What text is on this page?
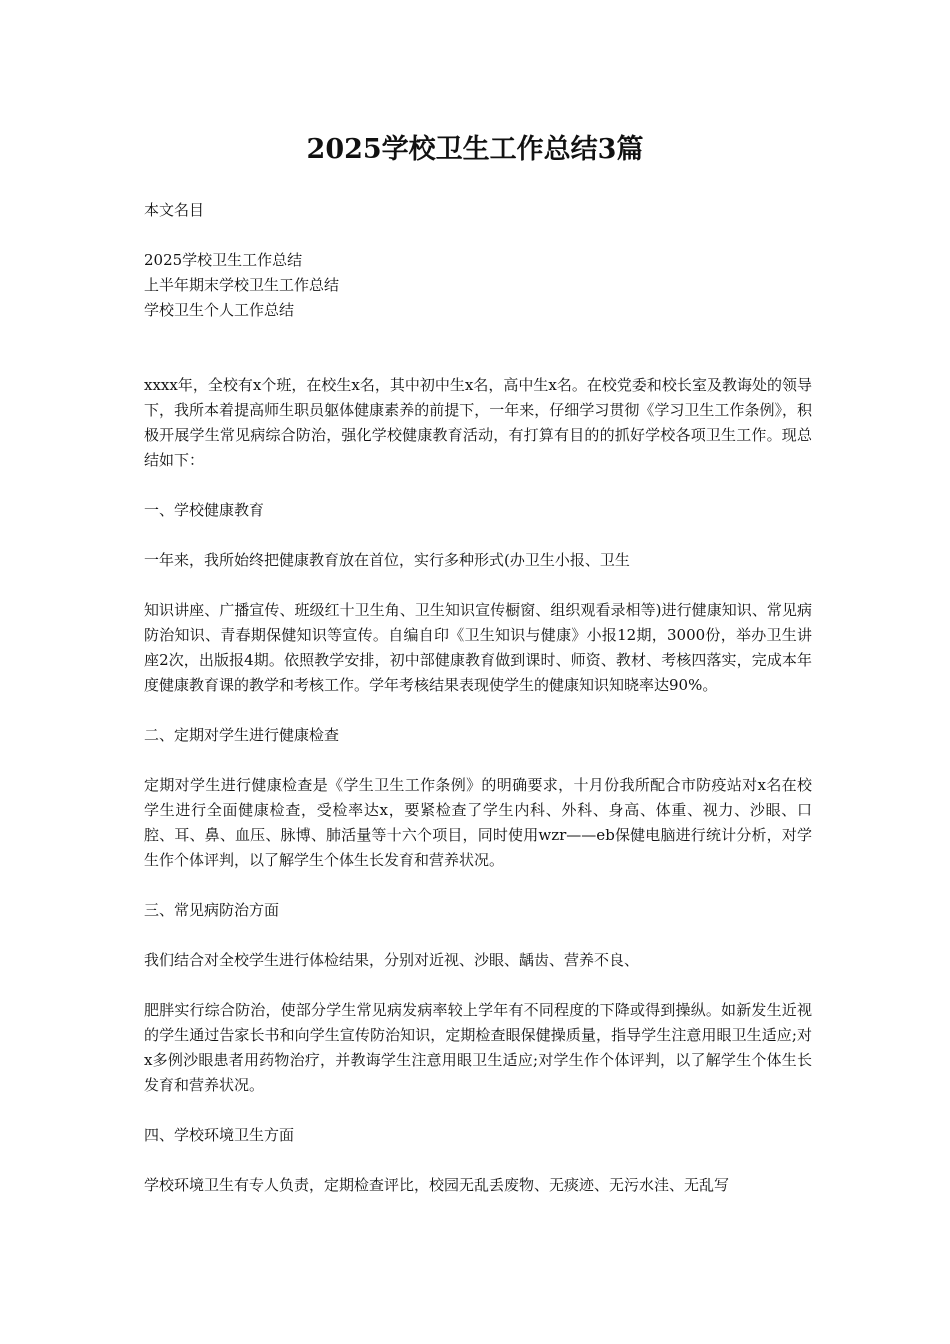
2025学校卫生工作总结3篇

本文名目

2025学校卫生工作总结

上半年期末学校卫生工作总结

学校卫生个人工作总结

xxxx年，全校有x个班，在校生x名，其中初中生x名，高中生x名。在校党委和校长室及教诲处的领导下，我所本着提高师生职员躯体健康素养的前提下，一年来，仔细学习贯彻《学习卫生工作条例》，积极开展学生常见病综合防治，强化学校健康教育活动，有打算有目的的抓好学校各项卫生工作。现总结如下：

一、学校健康教育

一年来，我所始终把健康教育放在首位，实行多种形式(办卫生小报、卫生

知识讲座、广播宣传、班级红十卫生角、卫生知识宣传橱窗、组织观看录相等)进行健康知识、常见病防治知识、青春期保健知识等宣传。自编自印《卫生知识与健康》小报12期，3000份，举办卫生讲座2次，出版报4期。依照教学安排，初中部健康教育做到课时、师资、教材、考核四落实，完成本年度健康教育课的教学和考核工作。学年考核结果表现使学生的健康知识知晓率达90%。

二、定期对学生进行健康检查

定期对学生进行健康检查是《学生卫生工作条例》的明确要求，十月份我所配合市防疫站对x名在校学生进行全面健康检查，受检率达x，要紧检查了学生内科、外科、身高、体重、视力、沙眼、口腔、耳、鼻、血压、脉博、肺活量等十六个项目，同时使用wzr——eb保健电脑进行统计分析，对学生作个体评判，以了解学生个体生长发育和营养状况。

三、常见病防治方面

我们结合对全校学生进行体检结果，分别对近视、沙眼、龋齿、营养不良、

肥胖实行综合防治，使部分学生常见病发病率较上学年有不同程度的下降或得到操纵。如新发生近视的学生通过告家长书和向学生宣传防治知识，定期检查眼保健操质量，指导学生注意用眼卫生适应;对x多例沙眼患者用药物治疗，并教诲学生注意用眼卫生适应;对学生作个体评判，以了解学生个体生长发育和营养状况。

四、学校环境卫生方面

学校环境卫生有专人负责，定期检查评比，校园无乱丢废物、无痰迹、无污水洼、无乱写
